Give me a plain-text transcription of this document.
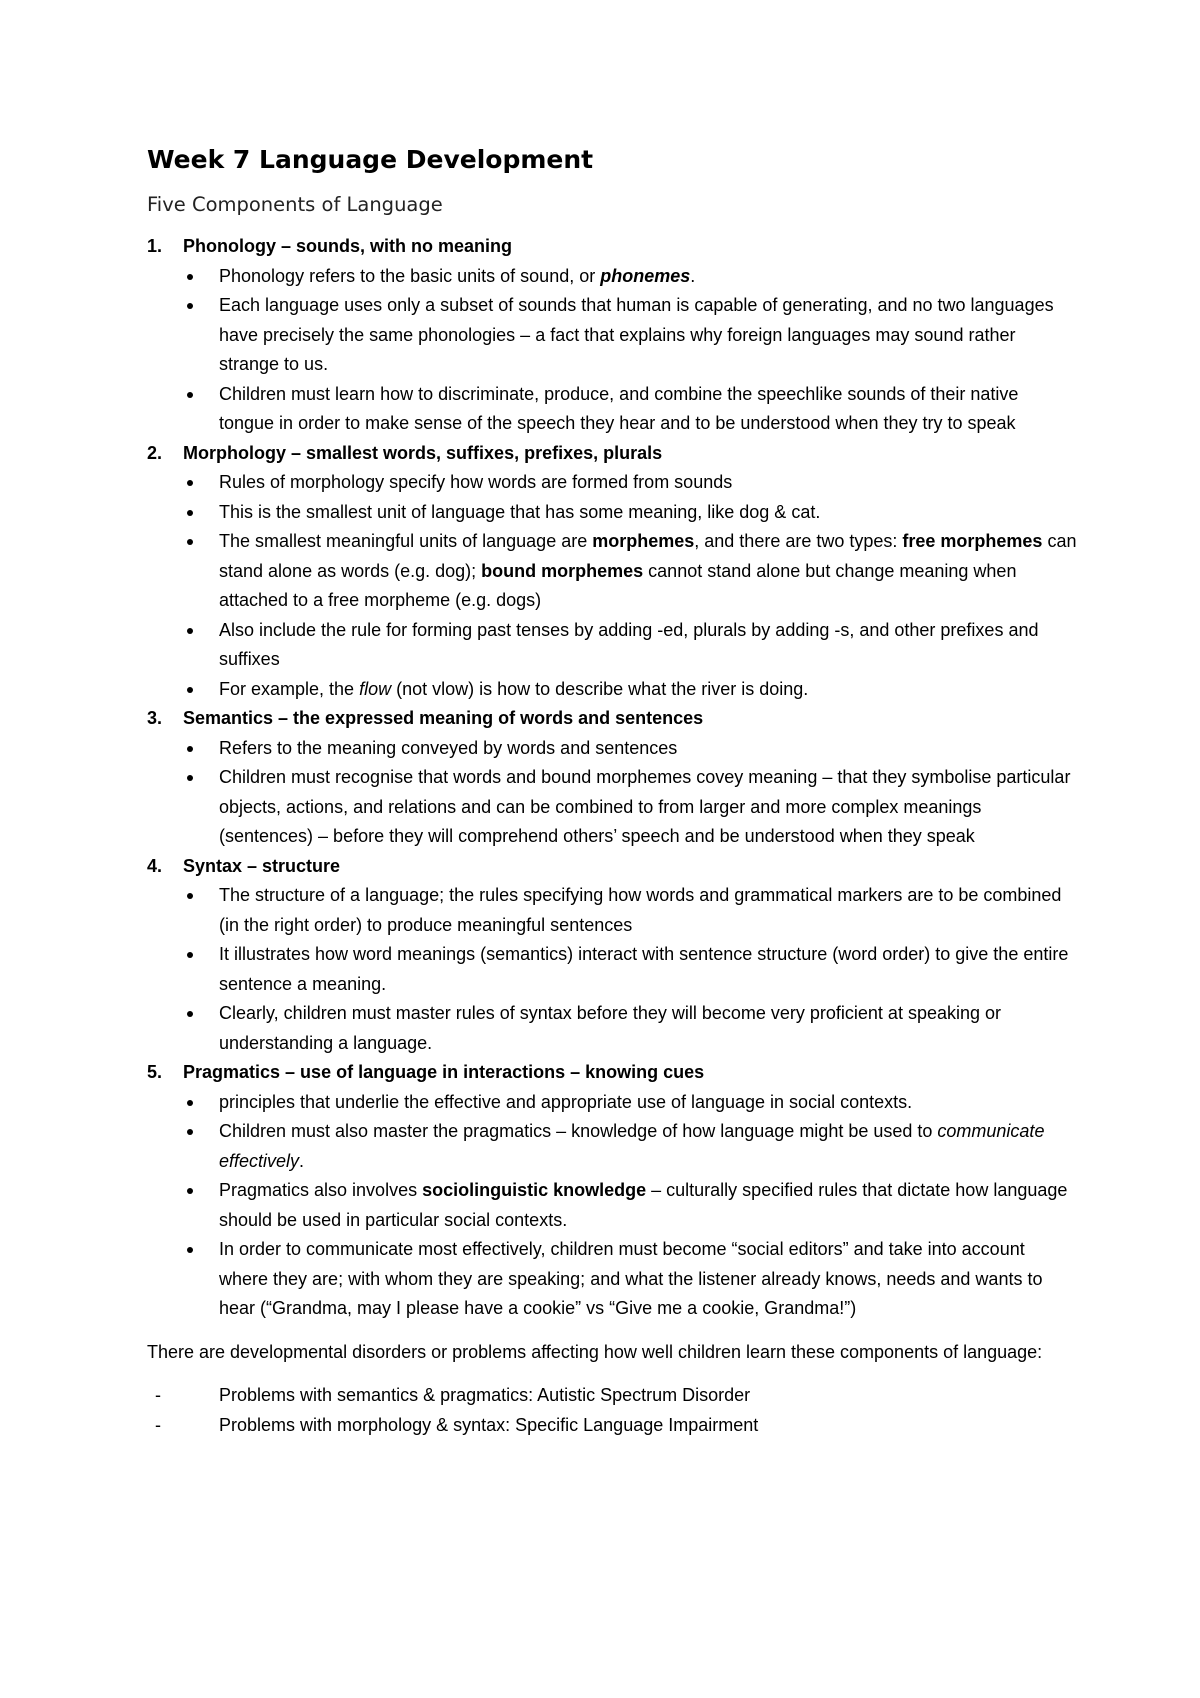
Week 7 Language Development
Five Components of Language
1. Phonology – sounds, with no meaning
Phonology refers to the basic units of sound, or phonemes.
Each language uses only a subset of sounds that human is capable of generating, and no two languages have precisely the same phonologies – a fact that explains why foreign languages may sound rather strange to us.
Children must learn how to discriminate, produce, and combine the speechlike sounds of their native tongue in order to make sense of the speech they hear and to be understood when they try to speak
2. Morphology – smallest words, suffixes, prefixes, plurals
Rules of morphology specify how words are formed from sounds
This is the smallest unit of language that has some meaning, like dog & cat.
The smallest meaningful units of language are morphemes, and there are two types: free morphemes can stand alone as words (e.g. dog); bound morphemes cannot stand alone but change meaning when attached to a free morpheme (e.g. dogs)
Also include the rule for forming past tenses by adding -ed, plurals by adding -s, and other prefixes and suffixes
For example, the flow (not vlow) is how to describe what the river is doing.
3. Semantics – the expressed meaning of words and sentences
Refers to the meaning conveyed by words and sentences
Children must recognise that words and bound morphemes covey meaning – that they symbolise particular objects, actions, and relations and can be combined to from larger and more complex meanings (sentences) – before they will comprehend others’ speech and be understood when they speak
4. Syntax – structure
The structure of a language; the rules specifying how words and grammatical markers are to be combined (in the right order) to produce meaningful sentences
It illustrates how word meanings (semantics) interact with sentence structure (word order) to give the entire sentence a meaning.
Clearly, children must master rules of syntax before they will become very proficient at speaking or understanding a language.
5. Pragmatics – use of language in interactions – knowing cues
principles that underlie the effective and appropriate use of language in social contexts.
Children must also master the pragmatics – knowledge of how language might be used to communicate effectively.
Pragmatics also involves sociolinguistic knowledge – culturally specified rules that dictate how language should be used in particular social contexts.
In order to communicate most effectively, children must become “social editors” and take into account where they are; with whom they are speaking; and what the listener already knows, needs and wants to hear (“Grandma, may I please have a cookie” vs “Give me a cookie, Grandma!”)

There are developmental disorders or problems affecting how well children learn these components of language:

-	Problems with semantics & pragmatics: Autistic Spectrum Disorder
-	Problems with morphology & syntax: Specific Language Impairment
